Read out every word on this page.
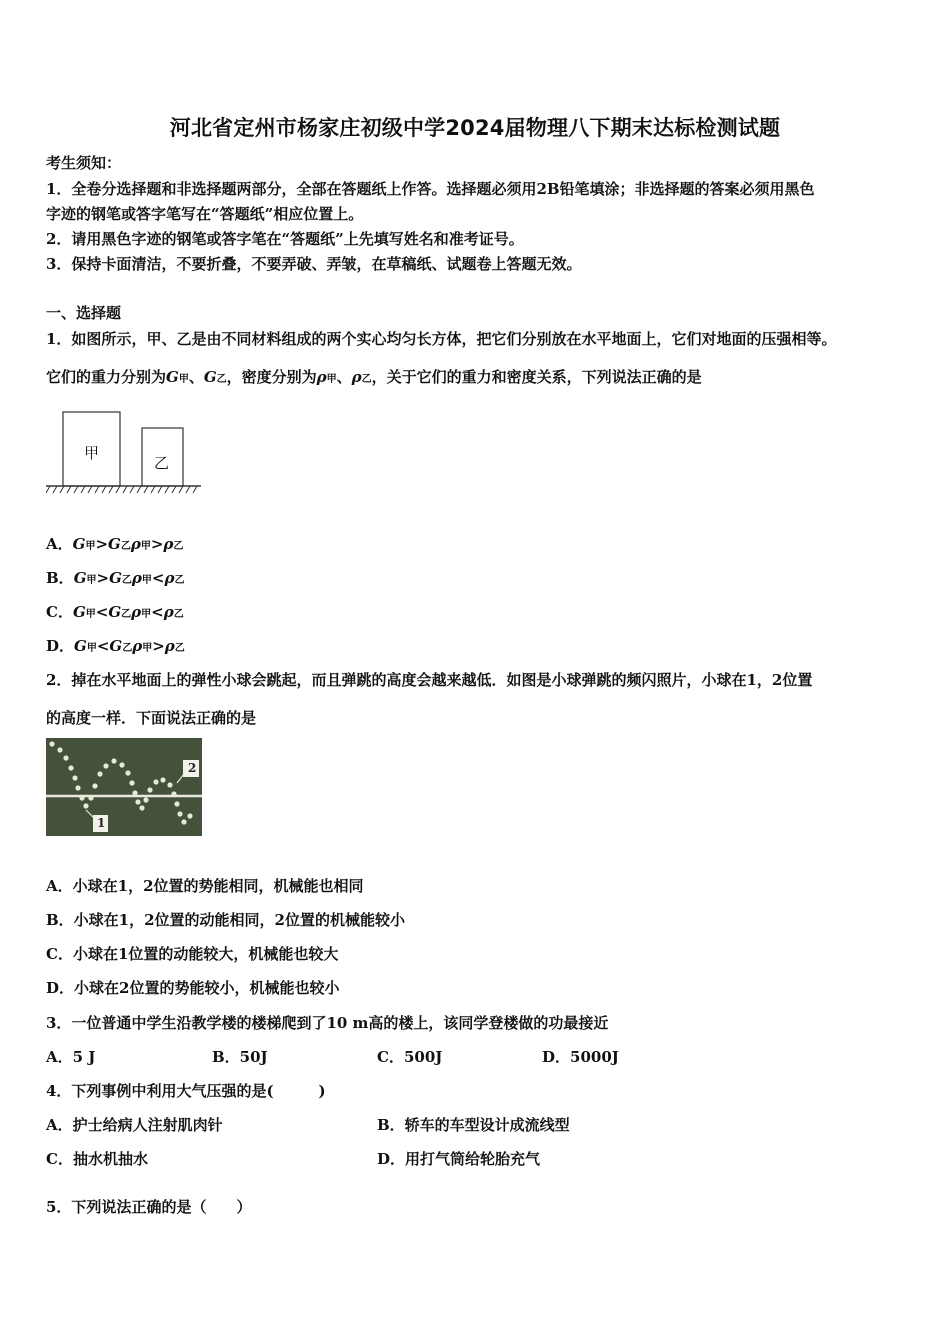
河北省定州市杨家庄初级中学2024届物理八下期末达标检测试题
考生须知：
1．全卷分选择题和非选择题两部分，全部在答题纸上作答。选择题必须用2B铅笔填涂；非选择题的答案必须用黑色
字迹的钢笔或答字笔写在“答题纸”相应位置上。
2．请用黑色字迹的钢笔或答字笔在“答题纸”上先填写姓名和准考证号。
3．保持卡面清洁，不要折叠，不要弄破、弄皱，在草稿纸、试题卷上答题无效。
一、选择题
1．如图所示，甲、乙是由不同材料组成的两个实心均匀长方体，把它们分别放在水平地面上，它们对地面的压强相等。
它们的重力分别为G甲、G乙，密度分别为ρ甲、ρ乙，关于它们的重力和密度关系，下列说法正确的是
甲
乙
A．G甲>G乙ρ甲>ρ乙
B．G甲>G乙ρ甲<ρ乙
C．G甲<G乙ρ甲<ρ乙
D．G甲<G乙ρ甲>ρ乙
2．掉在水平地面上的弹性小球会跳起，而且弹跳的高度会越来越低．如图是小球弹跳的频闪照片，小球在1，2位置
的高度一样．下面说法正确的是
1
2
A．小球在1，2位置的势能相同，机械能也相同
B．小球在1，2位置的动能相同，2位置的机械能较小
C．小球在1位置的动能较大，机械能也较大
D．小球在2位置的势能较小，机械能也较小
3．一位普通中学生沿教学楼的楼梯爬到了10 m高的楼上，该同学登楼做的功最接近
A．5 J	B．50J	C．500J	D．5000J
4．下列事例中利用大气压强的是(　　　)
A．护士给病人注射肌肉针	B．轿车的车型设计成流线型
C．抽水机抽水	D．用打气筒给轮胎充气
5．下列说法正确的是（　　）
